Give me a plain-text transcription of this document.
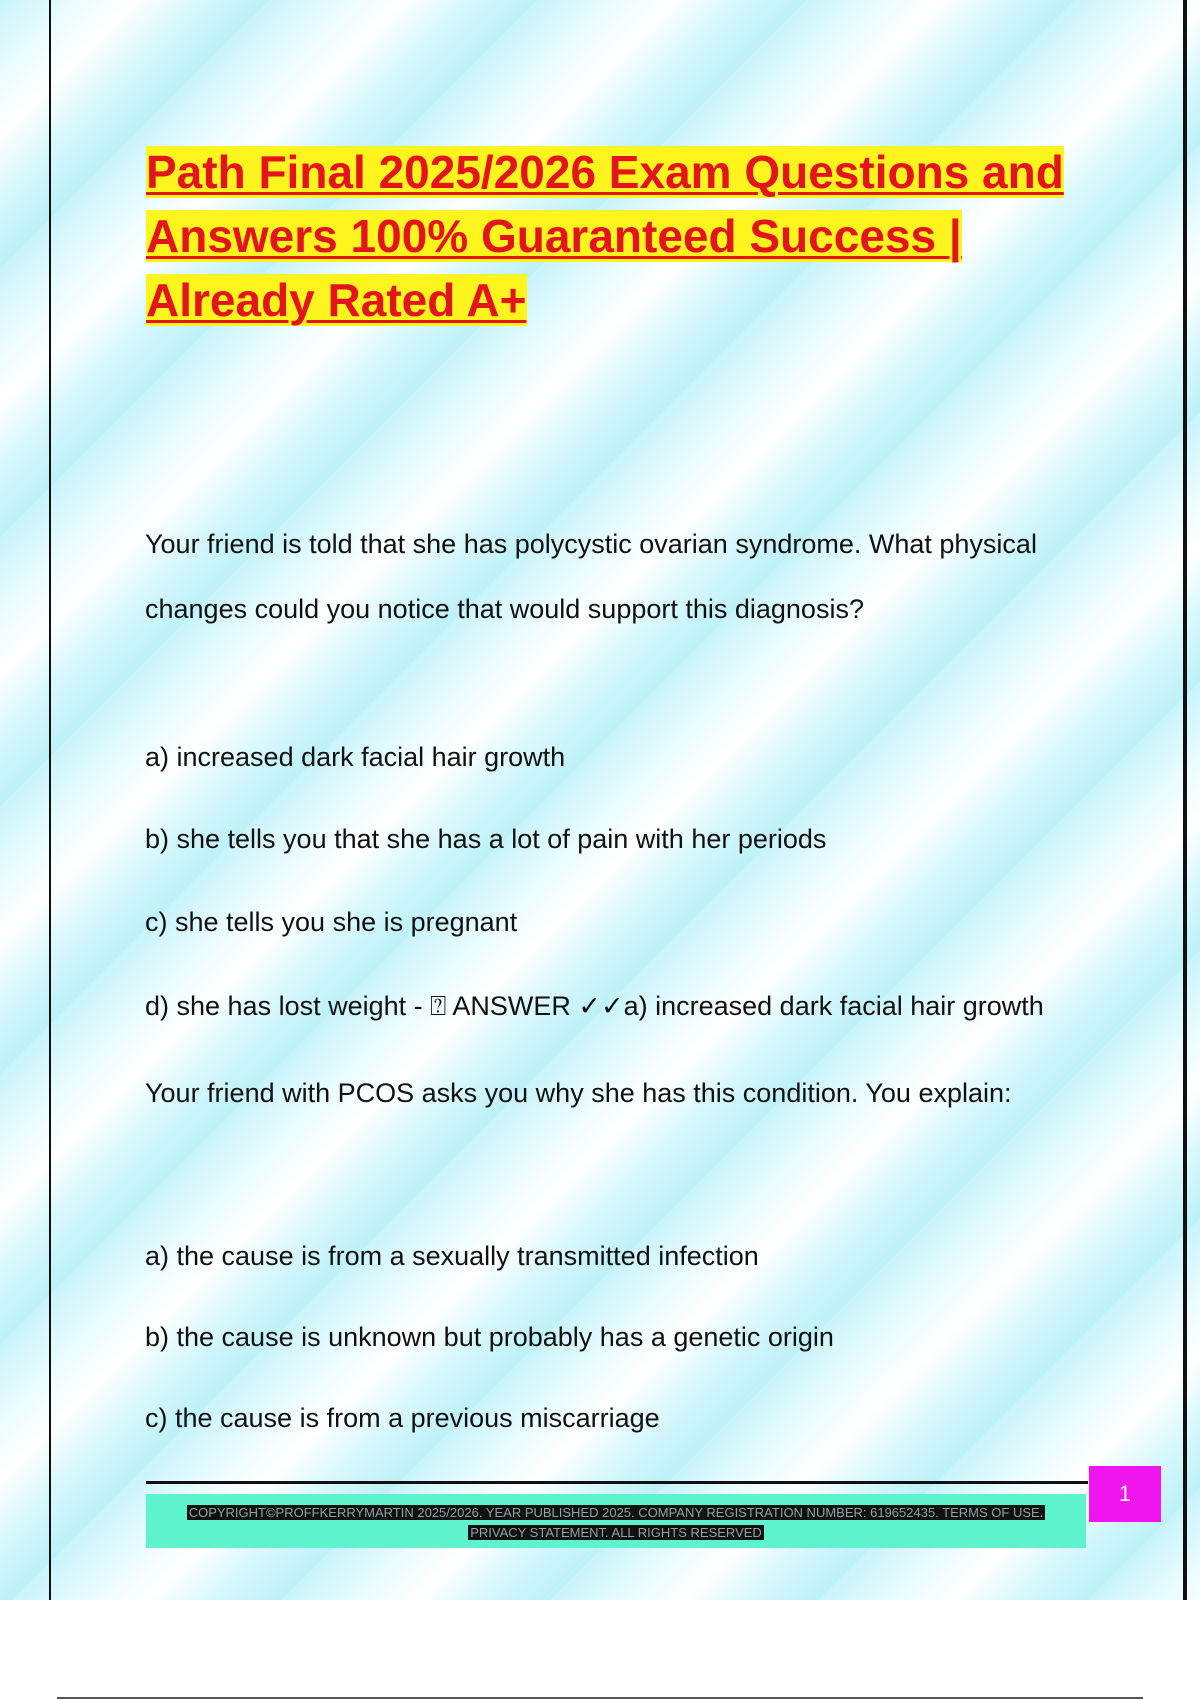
Path Final 2025/2026 Exam Questions and Answers 100% Guaranteed Success | Already Rated A+
Your friend is told that she has polycystic ovarian syndrome. What physical changes could you notice that would support this diagnosis?
a) increased dark facial hair growth
b) she tells you that she has a lot of pain with her periods
c) she tells you she is pregnant
d) she has lost weight - ⍰ ANSWER ✓✓a) increased dark facial hair growth
Your friend with PCOS asks you why she has this condition. You explain:
a) the cause is from a sexually transmitted infection
b) the cause is unknown but probably has a genetic origin
c) the cause is from a previous miscarriage
COPYRIGHT©PROFFKERRYMARTIN 2025/2026. YEAR PUBLISHED 2025. COMPANY REGISTRATION NUMBER: 619652435. TERMS OF USE.
PRIVACY STATEMENT. ALL RIGHTS RESERVED
1
